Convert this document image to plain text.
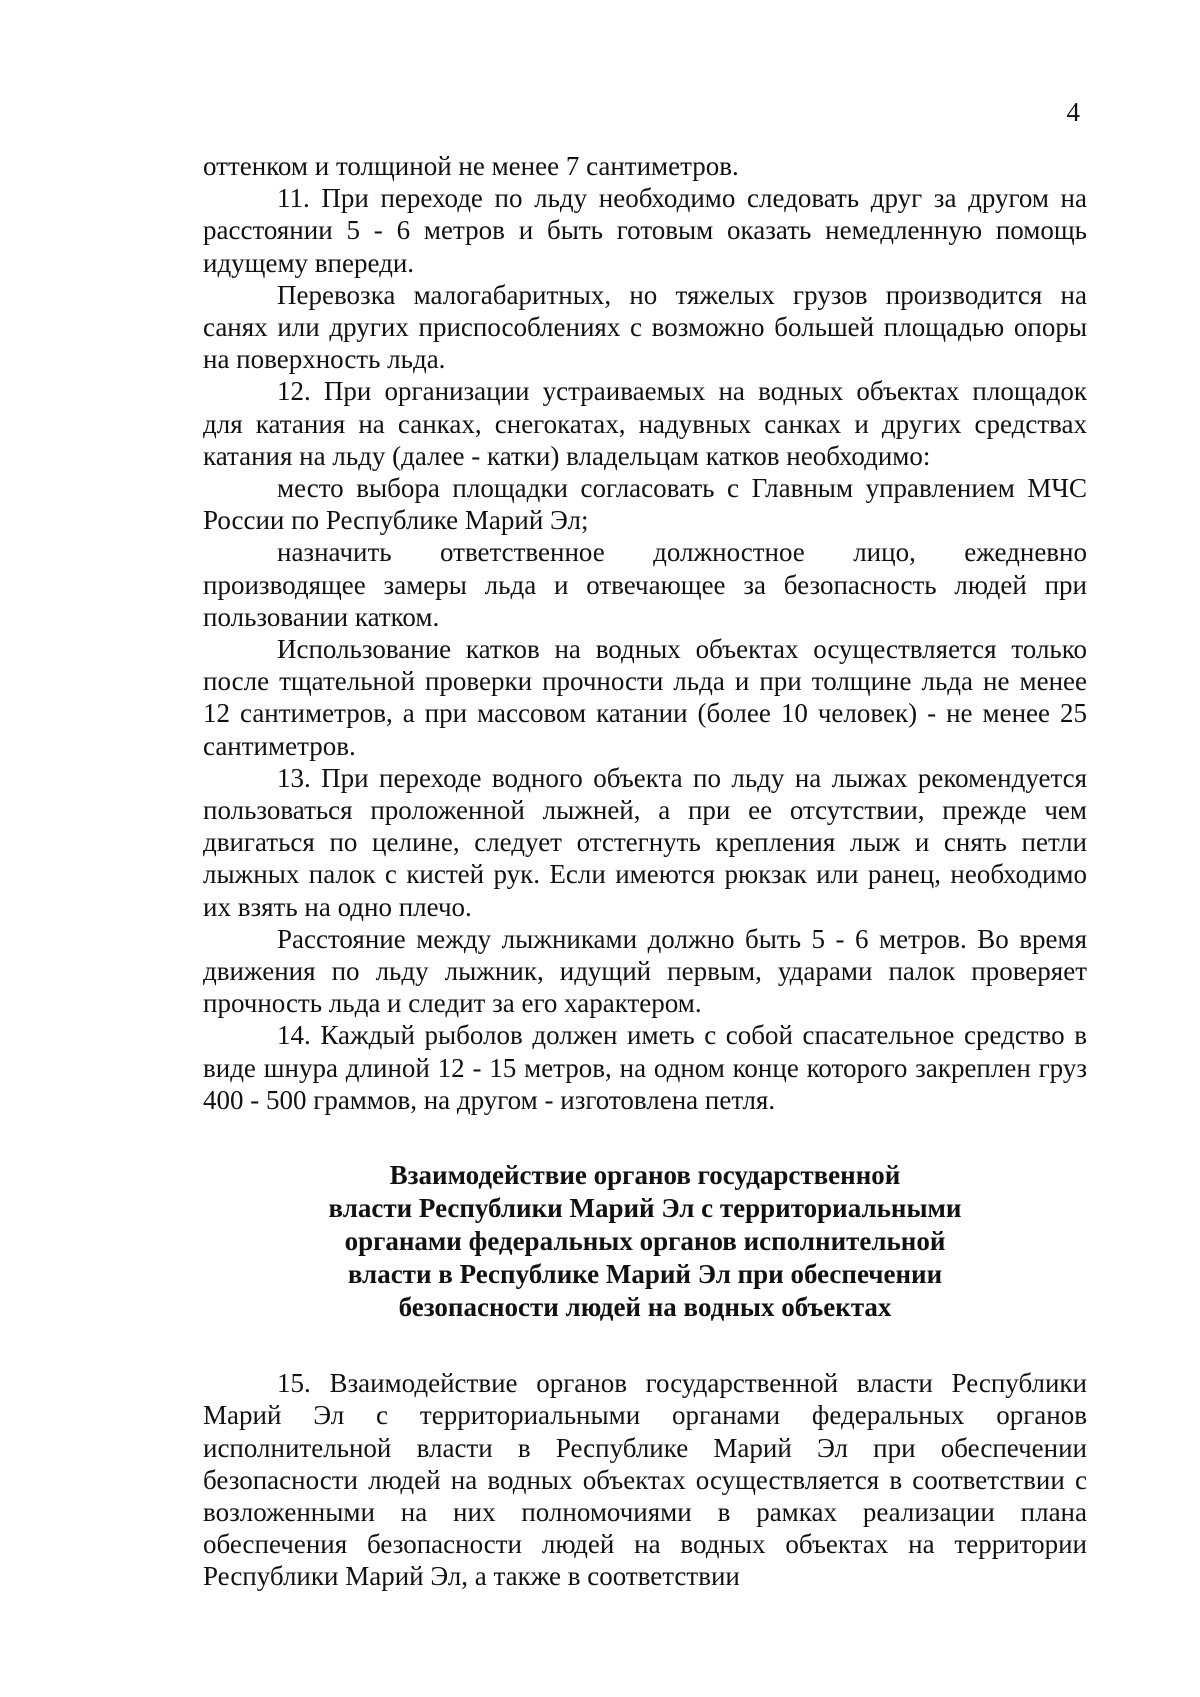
4

оттенком и толщиной не менее 7 сантиметров.

11. При переходе по льду необходимо следовать друг за другом на расстоянии 5 - 6 метров и быть готовым оказать немедленную помощь идущему впереди.

Перевозка малогабаритных, но тяжелых грузов производится на санях или других приспособлениях с возможно большей площадью опоры на поверхность льда.

12. При организации устраиваемых на водных объектах площадок для катания на санках, снегокатах, надувных санках и других средствах катания на льду (далее - катки) владельцам катков необходимо:

место выбора площадки согласовать с Главным управлением МЧС России по Республике Марий Эл;

назначить ответственное должностное лицо, ежедневно производящее замеры льда и отвечающее за безопасность людей при пользовании катком.

Использование катков на водных объектах осуществляется только после тщательной проверки прочности льда и при толщине льда не менее 12 сантиметров, а при массовом катании (более 10 человек) - не менее 25 сантиметров.

13. При переходе водного объекта по льду на лыжах рекомендуется пользоваться проложенной лыжней, а при ее отсутствии, прежде чем двигаться по целине, следует отстегнуть крепления лыж и снять петли лыжных палок с кистей рук. Если имеются рюкзак или ранец, необходимо их взять на одно плечо.

Расстояние между лыжниками должно быть 5 - 6 метров. Во время движения по льду лыжник, идущий первым, ударами палок проверяет прочность льда и следит за его характером.

14. Каждый рыболов должен иметь с собой спасательное средство в виде шнура длиной 12 - 15 метров, на одном конце которого закреплен груз 400 - 500 граммов, на другом - изготовлена петля.

Взаимодействие органов государственной
власти Республики Марий Эл с территориальными
органами федеральных органов исполнительной
власти в Республике Марий Эл при обеспечении
безопасности людей на водных объектах

15. Взаимодействие органов государственной власти Республики Марий Эл с территориальными органами федеральных органов исполнительной власти в Республике Марий Эл при обеспечении безопасности людей на водных объектах осуществляется в соответствии с возложенными на них полномочиями в рамках реализации плана обеспечения безопасности людей на водных объектах на территории Республики Марий Эл, а также в соответствии
